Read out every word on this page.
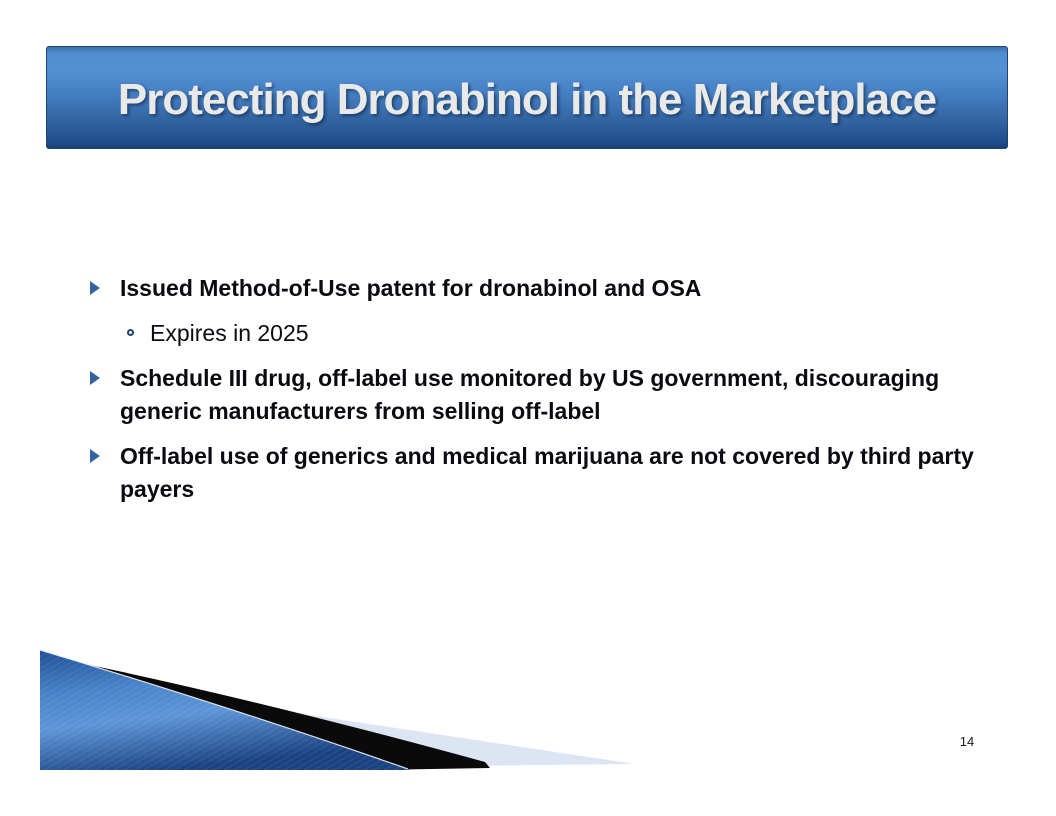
Protecting Dronabinol in the Marketplace
Issued Method-of-Use patent for dronabinol and OSA
Expires in 2025
Schedule III drug, off-label use monitored by US government, discouraging generic manufacturers from selling off-label
Off-label use of generics and medical marijuana are not covered by third party payers
14
